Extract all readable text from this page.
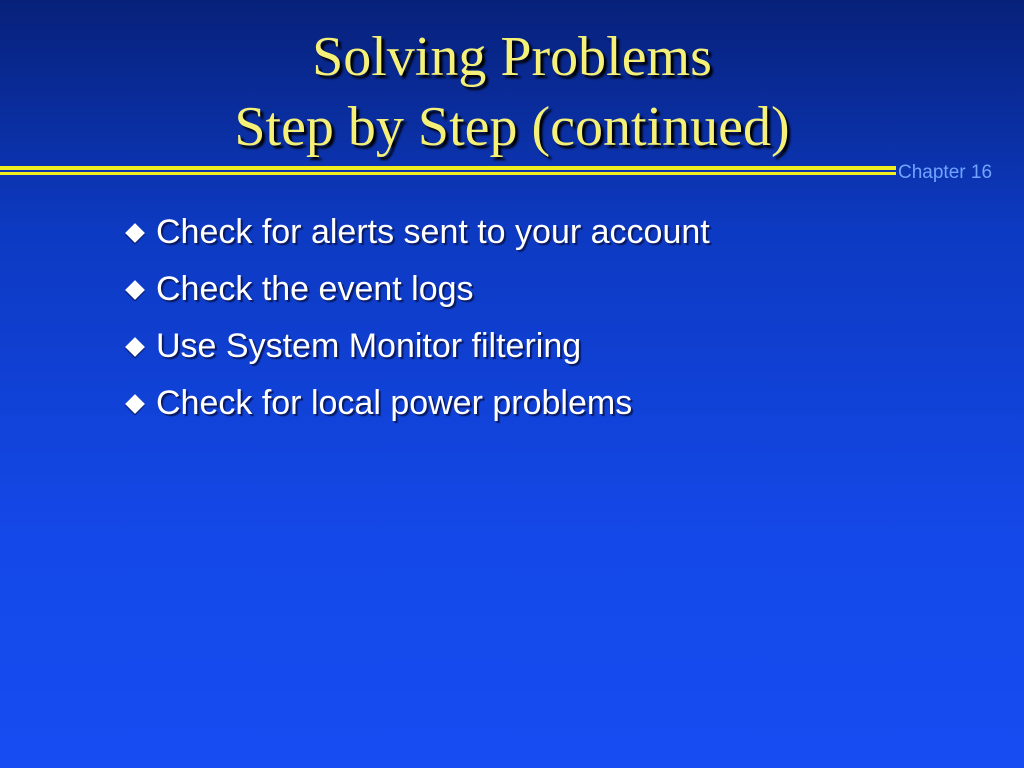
Solving Problems
Step by Step (continued)
Chapter 16
Check for alerts sent to your account
Check the event logs
Use System Monitor filtering
Check for local power problems
